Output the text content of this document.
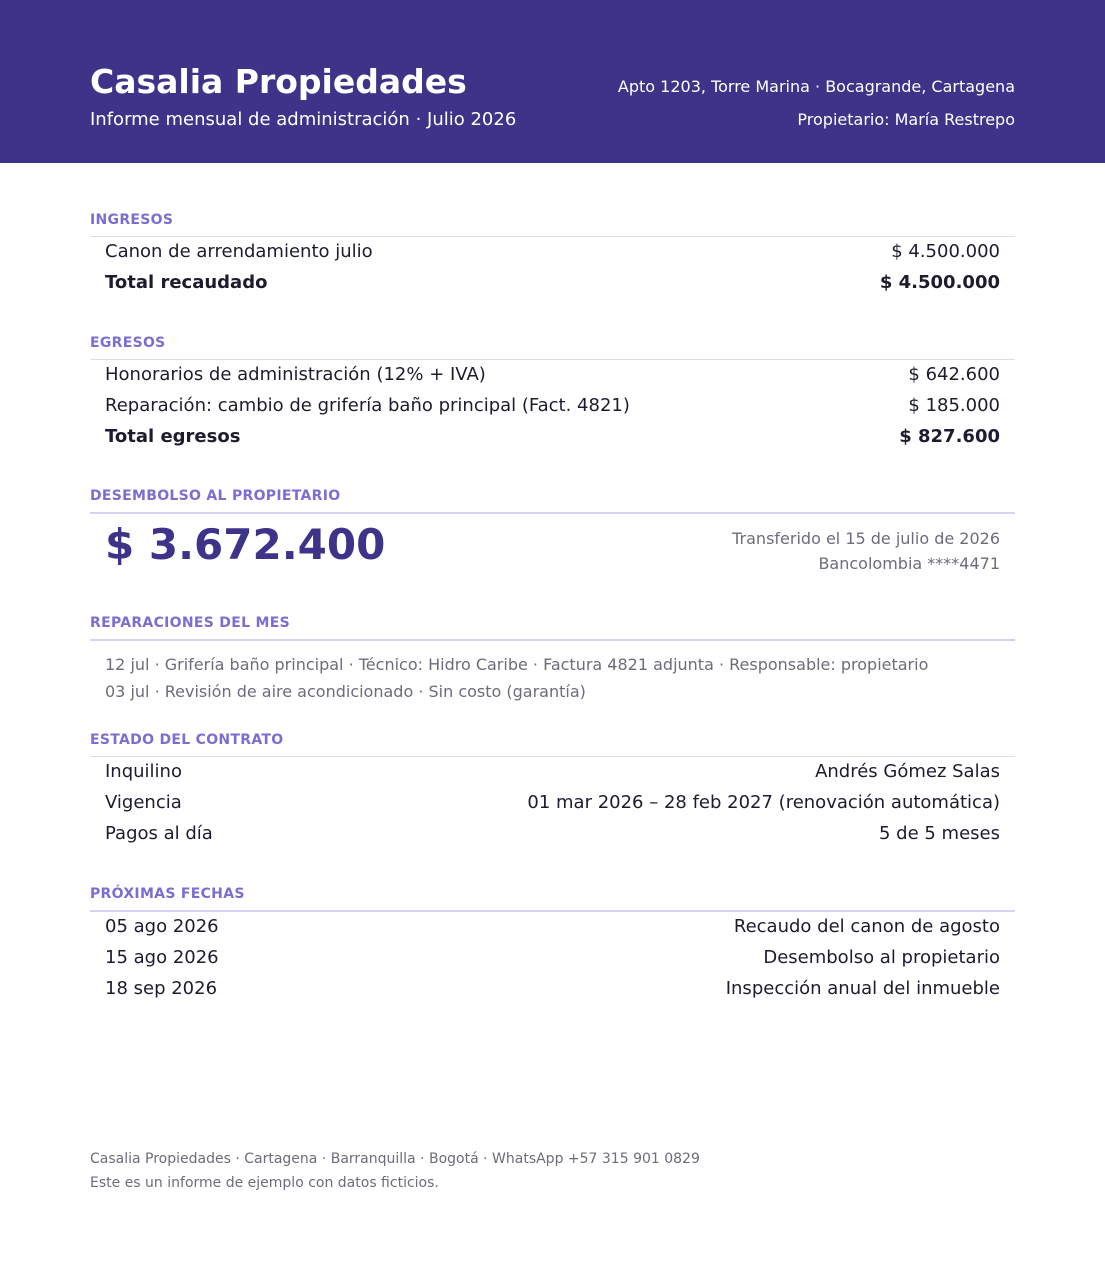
Casalia Propiedades
Informe mensual de administración · Julio 2026
Apto 1203, Torre Marina · Bocagrande, Cartagena
Propietario: María Restrepo
INGRESOS
Canon de arrendamiento julio	$ 4.500.000
Total recaudado	$ 4.500.000
EGRESOS
Honorarios de administración (12% + IVA)	$ 642.600
Reparación: cambio de grifería baño principal (Fact. 4821)	$ 185.000
Total egresos	$ 827.600
DESEMBOLSO AL PROPIETARIO
$ 3.672.400	Transferido el 15 de julio de 2026
Bancolombia ****4471
REPARACIONES DEL MES
12 jul · Grifería baño principal · Técnico: Hidro Caribe · Factura 4821 adjunta · Responsable: propietario
03 jul · Revisión de aire acondicionado · Sin costo (garantía)
ESTADO DEL CONTRATO
Inquilino	Andrés Gómez Salas
Vigencia	01 mar 2026 – 28 feb 2027 (renovación automática)
Pagos al día	5 de 5 meses
PRÓXIMAS FECHAS
05 ago 2026	Recaudo del canon de agosto
15 ago 2026	Desembolso al propietario
18 sep 2026	Inspección anual del inmueble
Casalia Propiedades · Cartagena · Barranquilla · Bogotá · WhatsApp +57 315 901 0829
Este es un informe de ejemplo con datos ficticios.
